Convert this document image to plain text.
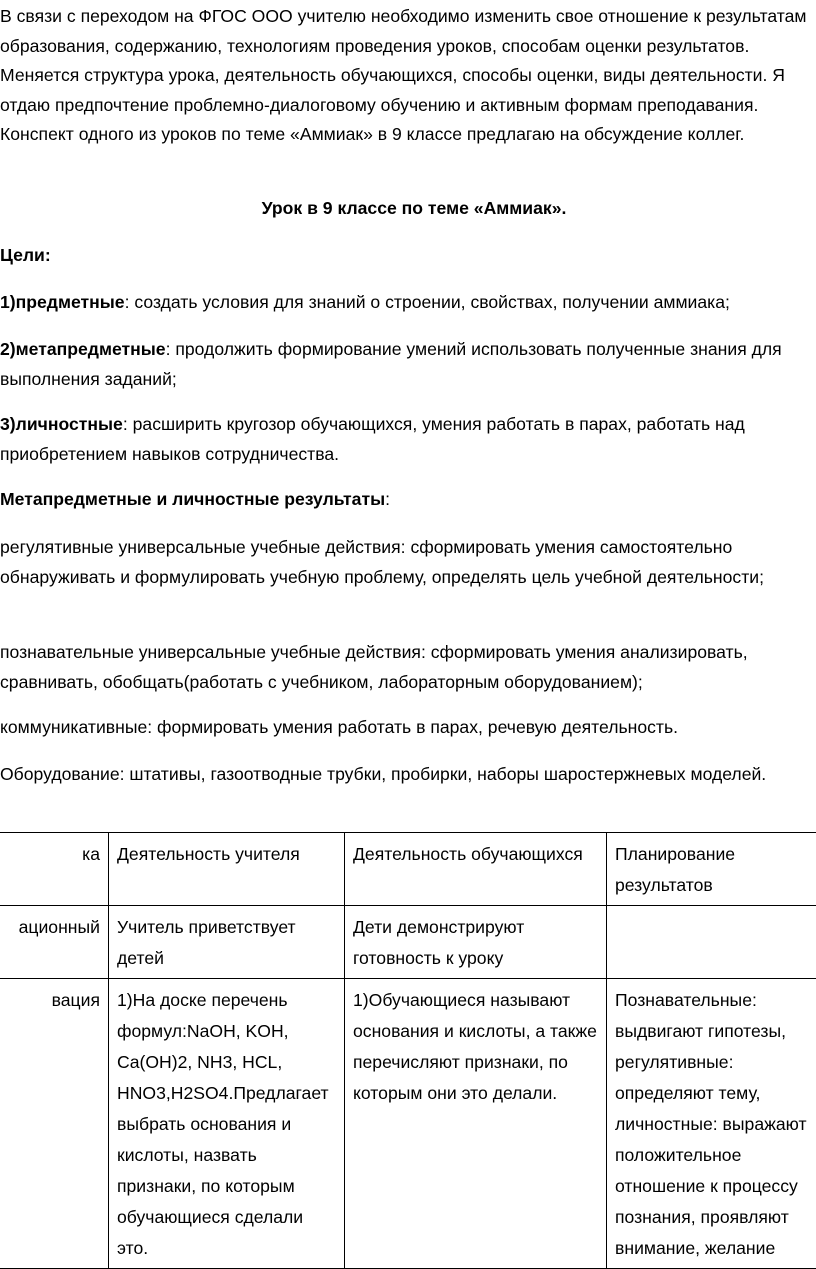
В связи с переходом на ФГОС ООО учителю необходимо изменить свое отношение к результатам образования, содержанию, технологиям проведения уроков, способам оценки результатов. Меняется структура урока, деятельность обучающихся, способы оценки, виды деятельности. Я отдаю предпочтение проблемно-диалоговому обучению и активным формам преподавания. Конспект одного из уроков по теме «Аммиак» в 9 классе предлагаю на обсуждение коллег.

Урок в 9 классе по теме «Аммиак».

Цели:

1)предметные: создать условия для знаний о строении, свойствах, получении аммиака;

2)метапредметные: продолжить формирование умений использовать полученные знания для выполнения заданий;

3)личностные: расширить кругозор обучающихся, умения работать в парах, работать над приобретением навыков сотрудничества.

Метапредметные и личностные результаты:

регулятивные универсальные учебные действия: сформировать умения самостоятельно обнаруживать и формулировать учебную проблему, определять цель учебной деятельности;

познавательные универсальные учебные действия: сформировать умения анализировать, сравнивать, обобщать(работать с учебником, лабораторным оборудованием);

коммуникативные: формировать умения работать в парах, речевую деятельность.

Оборудование: штативы, газоотводные трубки, пробирки, наборы шаростержневых моделей.

ка	Деятельность учителя	Деятельность обучающихся	Планирование результатов
ационный	Учитель приветствует детей	Дети демонстрируют готовность к уроку	
вация	1)На доске перечень формул:NaOH, KOH, Ca(OH)2, NH3, HCL, HNO3,H2SO4.Предлагает выбрать основания и кислоты, назвать признаки, по которым обучающиеся сделали это.	1)Обучающиеся называют основания и кислоты, а также перечисляют признаки, по которым они это делали.	Познавательные: выдвигают гипотезы, регулятивные: определяют тему, личностные: выражают положительное отношение к процессу познания, проявляют внимание, желание
